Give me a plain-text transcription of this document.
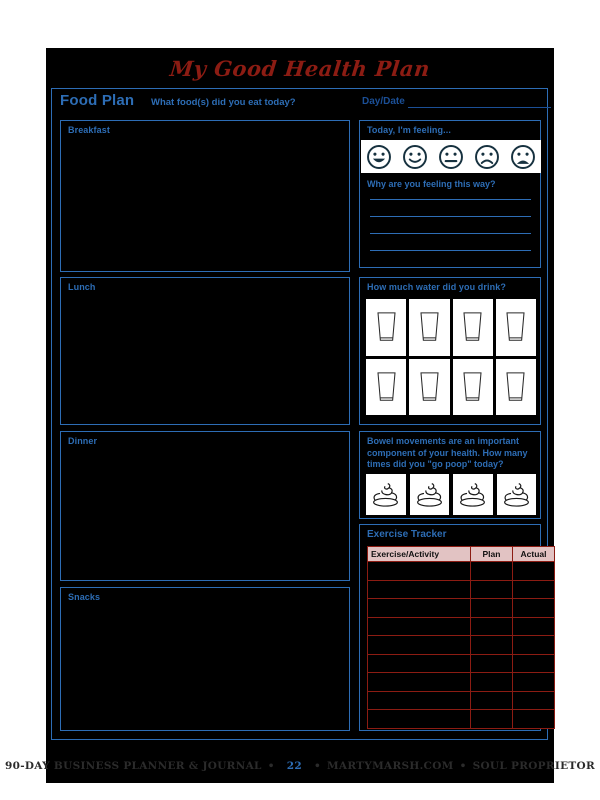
My Good Health Plan
Food Plan What food(s) did you eat today?	Day/Date
Breakfast
Lunch
Dinner
Snacks
Today, I'm feeling...
Why are you feeling this way?
How much water did you drink?
Bowel movements are an important component of your health. How many times did you "go poop" today?
Exercise Tracker
Exercise/Activity	Plan	Actual

90-DAY BUSINESS PLANNER & JOURNAL • 22 • MARTYMARSH.COM • SOUL PROPRIETOR
